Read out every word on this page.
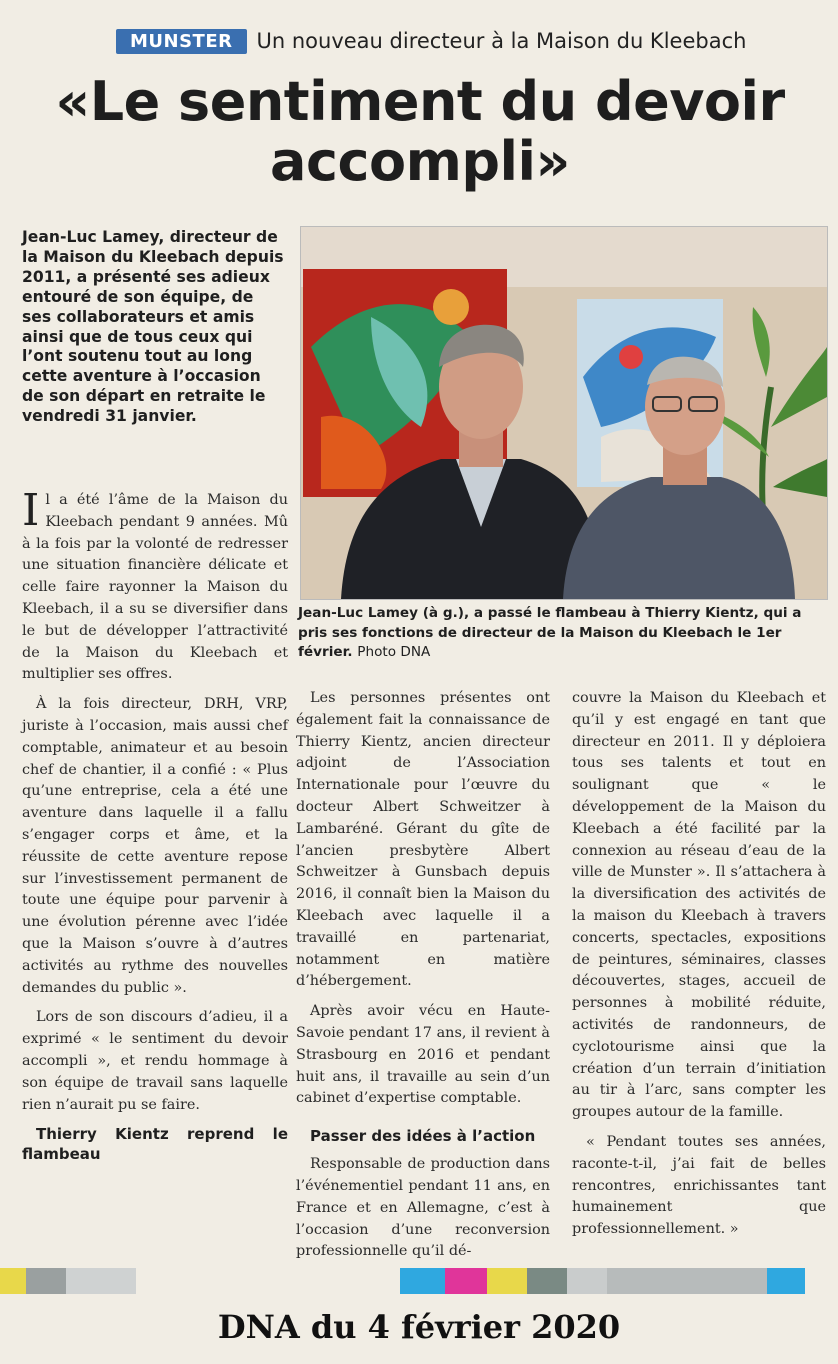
MUNSTER	Un nouveau directeur à la Maison du Kleebach
«Le sentiment du devoir
accompli»
Jean-Luc Lamey, directeur de la Maison du Kleebach depuis 2011, a présenté ses adieux entouré de son équipe, de ses collaborateurs et amis ainsi que de tous ceux qui l’ont soutenu tout au long cette aventure à l’occasion de son départ en retraite le vendredi 31 janvier.
Jean-Luc Lamey (à g.), a passé le flambeau à Thierry Kientz, qui a pris ses fonctions de directeur de la Maison du Kleebach le 1er février. Photo DNA

Il a été l’âme de la Maison du Kleebach pendant 9 années. Mû à la fois par la volonté de redresser une situation financière délicate et celle faire rayonner la Maison du Kleebach, il a su se diversifier dans le but de développer l’attractivité de la Maison du Kleebach et multiplier ses offres.

À la fois directeur, DRH, VRP, juriste à l’occasion, mais aussi chef comptable, animateur et au besoin chef de chantier, il a confié : « Plus qu’une entreprise, cela a été une aventure dans laquelle il a fallu s’engager corps et âme, et la réussite de cette aventure repose sur l’investissement permanent de toute une équipe pour parvenir à une évolution pérenne avec l’idée que la Maison s’ouvre à d’autres activités au rythme des nouvelles demandes du public ».

Lors de son discours d’adieu, il a exprimé « le sentiment du devoir accompli », et rendu hommage à son équipe de travail sans laquelle rien n’aurait pu se faire.

Thierry Kientz reprend le flambeau

Les personnes présentes ont également fait la connaissance de Thierry Kientz, ancien directeur adjoint de l’Association Internationale pour l’œuvre du docteur Albert Schweitzer à Lambaréné. Gérant du gîte de l’ancien presbytère Albert Schweitzer à Gunsbach depuis 2016, il connaît bien la Maison du Kleebach avec laquelle il a travaillé en partenariat, notamment en matière d’hébergement.

Après avoir vécu en Haute-Savoie pendant 17 ans, il revient à Strasbourg en 2016 et pendant huit ans, il travaille au sein d’un cabinet d’expertise comptable.

Passer des idées à l’action

Responsable de production dans l’événementiel pendant 11 ans, en France et en Allemagne, c’est à l’occasion d’une reconversion professionnelle qu’il dé-

couvre la Maison du Kleebach et qu’il y est engagé en tant que directeur en 2011. Il y déploiera tous ses talents et tout en soulignant que « le développement de la Maison du Kleebach a été facilité par la connexion au réseau d’eau de la ville de Munster ». Il s’attachera à la diversification des activités de la maison du Kleebach à travers concerts, spectacles, expositions de peintures, séminaires, classes découvertes, stages, accueil de personnes à mobilité réduite, activités de randonneurs, de cyclotourisme ainsi que la création d’un terrain d’initiation au tir à l’arc, sans compter les groupes autour de la famille.

« Pendant toutes ses années, raconte-t-il, j’ai fait de belles rencontres, enrichissantes tant humainement que professionnellement. »

DNA du 4 février 2020
